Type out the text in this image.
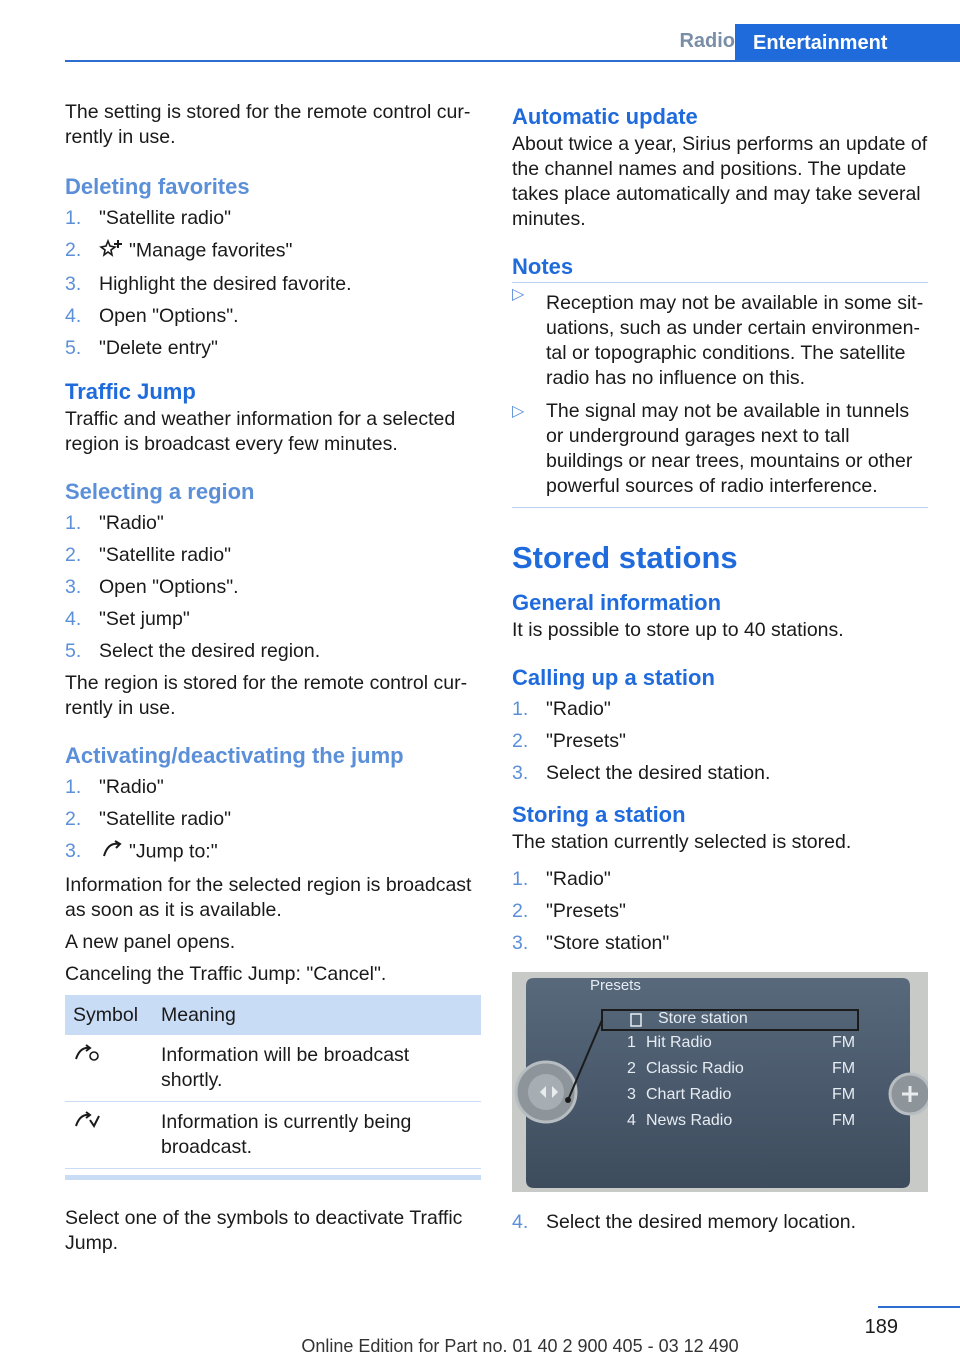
Radio Entertainment

The setting is stored for the remote control currently in use.

Deleting favorites
1. "Satellite radio"
2. "Manage favorites"
3. Highlight the desired favorite.
4. Open "Options".
5. "Delete entry"
Traffic Jump

Traffic and weather information for a selected region is broadcast every few minutes.

Selecting a region
1. "Radio"
2. "Satellite radio"
3. Open "Options".
4. "Set jump"
5. Select the desired region.

The region is stored for the remote control currently in use.

Activating/deactivating the jump
1. "Radio"
2. "Satellite radio"
3. "Jump to:"

Information for the selected region is broadcast as soon as it is available.

A new panel opens.

Canceling the Traffic Jump: "Cancel".

Symbol	Meaning
	Information will be broadcast shortly.
	Information is currently being broadcast.

Select one of the symbols to deactivate Traffic Jump.

Automatic update

About twice a year, Sirius performs an update of the channel names and positions. The update takes place automatically and may take several minutes.

Notes
▷ Reception may not be available in some situations, such as under certain environmental or topographic conditions. The satellite radio has no influence on this.
▷ The signal may not be available in tunnels or underground garages next to tall buildings or near trees, mountains or other powerful sources of radio interference.
Stored stations
General information

It is possible to store up to 40 stations.

Calling up a station
1. "Radio"
2. "Presets"
3. Select the desired station.
Storing a station

The station currently selected is stored.

1. "Radio"
2. "Presets"
3. "Store station"
Presets
Store station
1 Hit Radio	FM
2 Classic Radio	FM
3 Chart Radio	FM
4 News Radio	FM
4. Select the desired memory location.
189
Online Edition for Part no. 01 40 2 900 405 - 03 12 490
